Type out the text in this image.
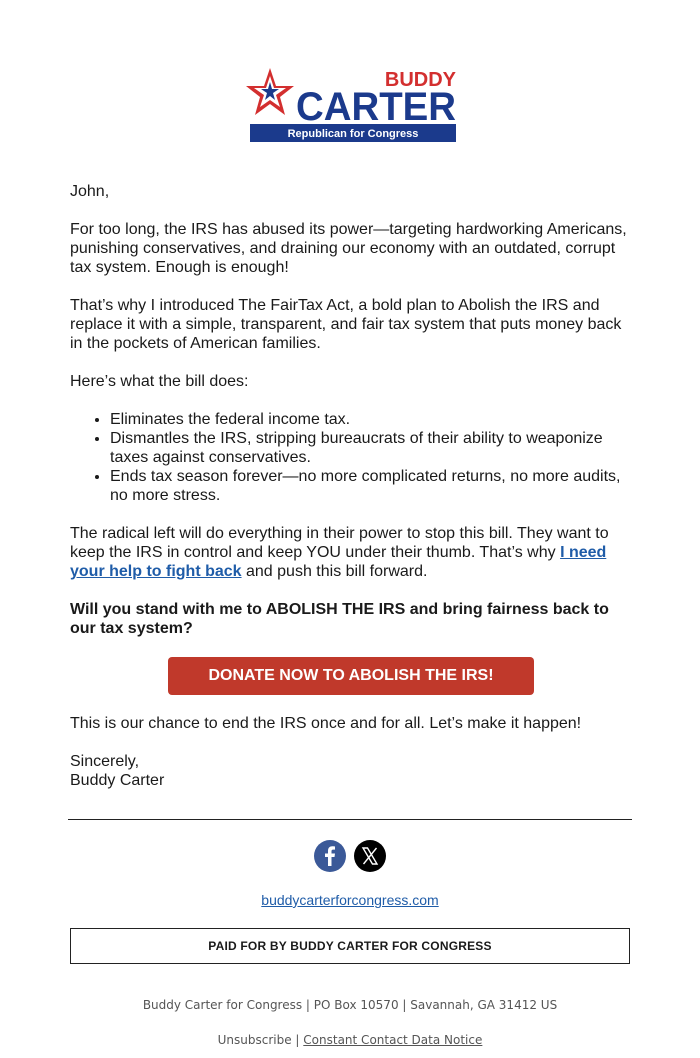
Republican for Congress
BUDDY
CARTER

John,

For too long, the IRS has abused its power—targeting hardworking Americans, punishing conservatives, and draining our economy with an outdated, corrupt tax system. Enough is enough!

That’s why I introduced The FairTax Act, a bold plan to Abolish the IRS and replace it with a simple, transparent, and fair tax system that puts money back in the pockets of American families.

Here’s what the bill does:

• Eliminates the federal income tax.
• Dismantles the IRS, stripping bureaucrats of their ability to weaponize taxes against conservatives.
• Ends tax season forever—no more complicated returns, no more audits, no more stress.

The radical left will do everything in their power to stop this bill. They want to keep the IRS in control and keep YOU under their thumb. That’s why I need your help to fight back and push this bill forward.

Will you stand with me to ABOLISH THE IRS and bring fairness back to our tax system?

DONATE NOW TO ABOLISH THE IRS!

This is our chance to end the IRS once and for all. Let’s make it happen!

Sincerely,
Buddy Carter

buddycarterforcongress.com
PAID FOR BY BUDDY CARTER FOR CONGRESS
Buddy Carter for Congress | PO Box 10570 | Savannah, GA 31412 US
Unsubscribe | Constant Contact Data Notice
